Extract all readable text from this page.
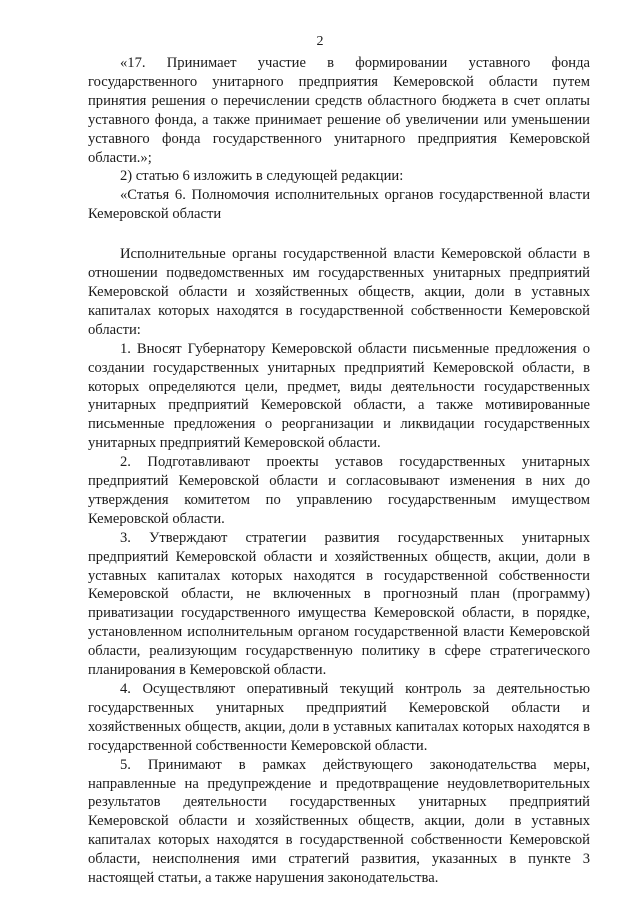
2

«17. Принимает участие в формировании уставного фонда государственного унитарного предприятия Кемеровской области путем принятия решения о перечислении средств областного бюджета в счет оплаты уставного фонда, а также принимает решение об увеличении или уменьшении уставного фонда государственного унитарного предприятия Кемеровской области.»;

2) статью 6 изложить в следующей редакции:

«Статья 6. Полномочия исполнительных органов государственной власти Кемеровской области

Исполнительные органы государственной власти Кемеровской области в отношении подведомственных им государственных унитарных предприятий Кемеровской области и хозяйственных обществ, акции, доли в уставных капиталах которых находятся в государственной собственности Кемеровской области:

1. Вносят Губернатору Кемеровской области письменные предложения о создании государственных унитарных предприятий Кемеровской области, в которых определяются цели, предмет, виды деятельности государственных унитарных предприятий Кемеровской области, а также мотивированные письменные предложения о реорганизации и ликвидации государственных унитарных предприятий Кемеровской области.

2. Подготавливают проекты уставов государственных унитарных предприятий Кемеровской области и согласовывают изменения в них до утверждения комитетом по управлению государственным имуществом Кемеровской области.

3. Утверждают стратегии развития государственных унитарных предприятий Кемеровской области и хозяйственных обществ, акции, доли в уставных капиталах которых находятся в государственной собственности Кемеровской области, не включенных в прогнозный план (программу) приватизации государственного имущества Кемеровской области, в порядке, установленном исполнительным органом государственной власти Кемеровской области, реализующим государственную политику в сфере стратегического планирования в Кемеровской области.

4. Осуществляют оперативный текущий контроль за деятельностью государственных унитарных предприятий Кемеровской области и хозяйственных обществ, акции, доли в уставных капиталах которых находятся в государственной собственности Кемеровской области.

5. Принимают в рамках действующего законодательства меры, направленные на предупреждение и предотвращение неудовлетворительных результатов деятельности государственных унитарных предприятий Кемеровской области и хозяйственных обществ, акции, доли в уставных капиталах которых находятся в государственной собственности Кемеровской области, неисполнения ими стратегий развития, указанных в пункте 3 настоящей статьи, а также нарушения законодательства.
